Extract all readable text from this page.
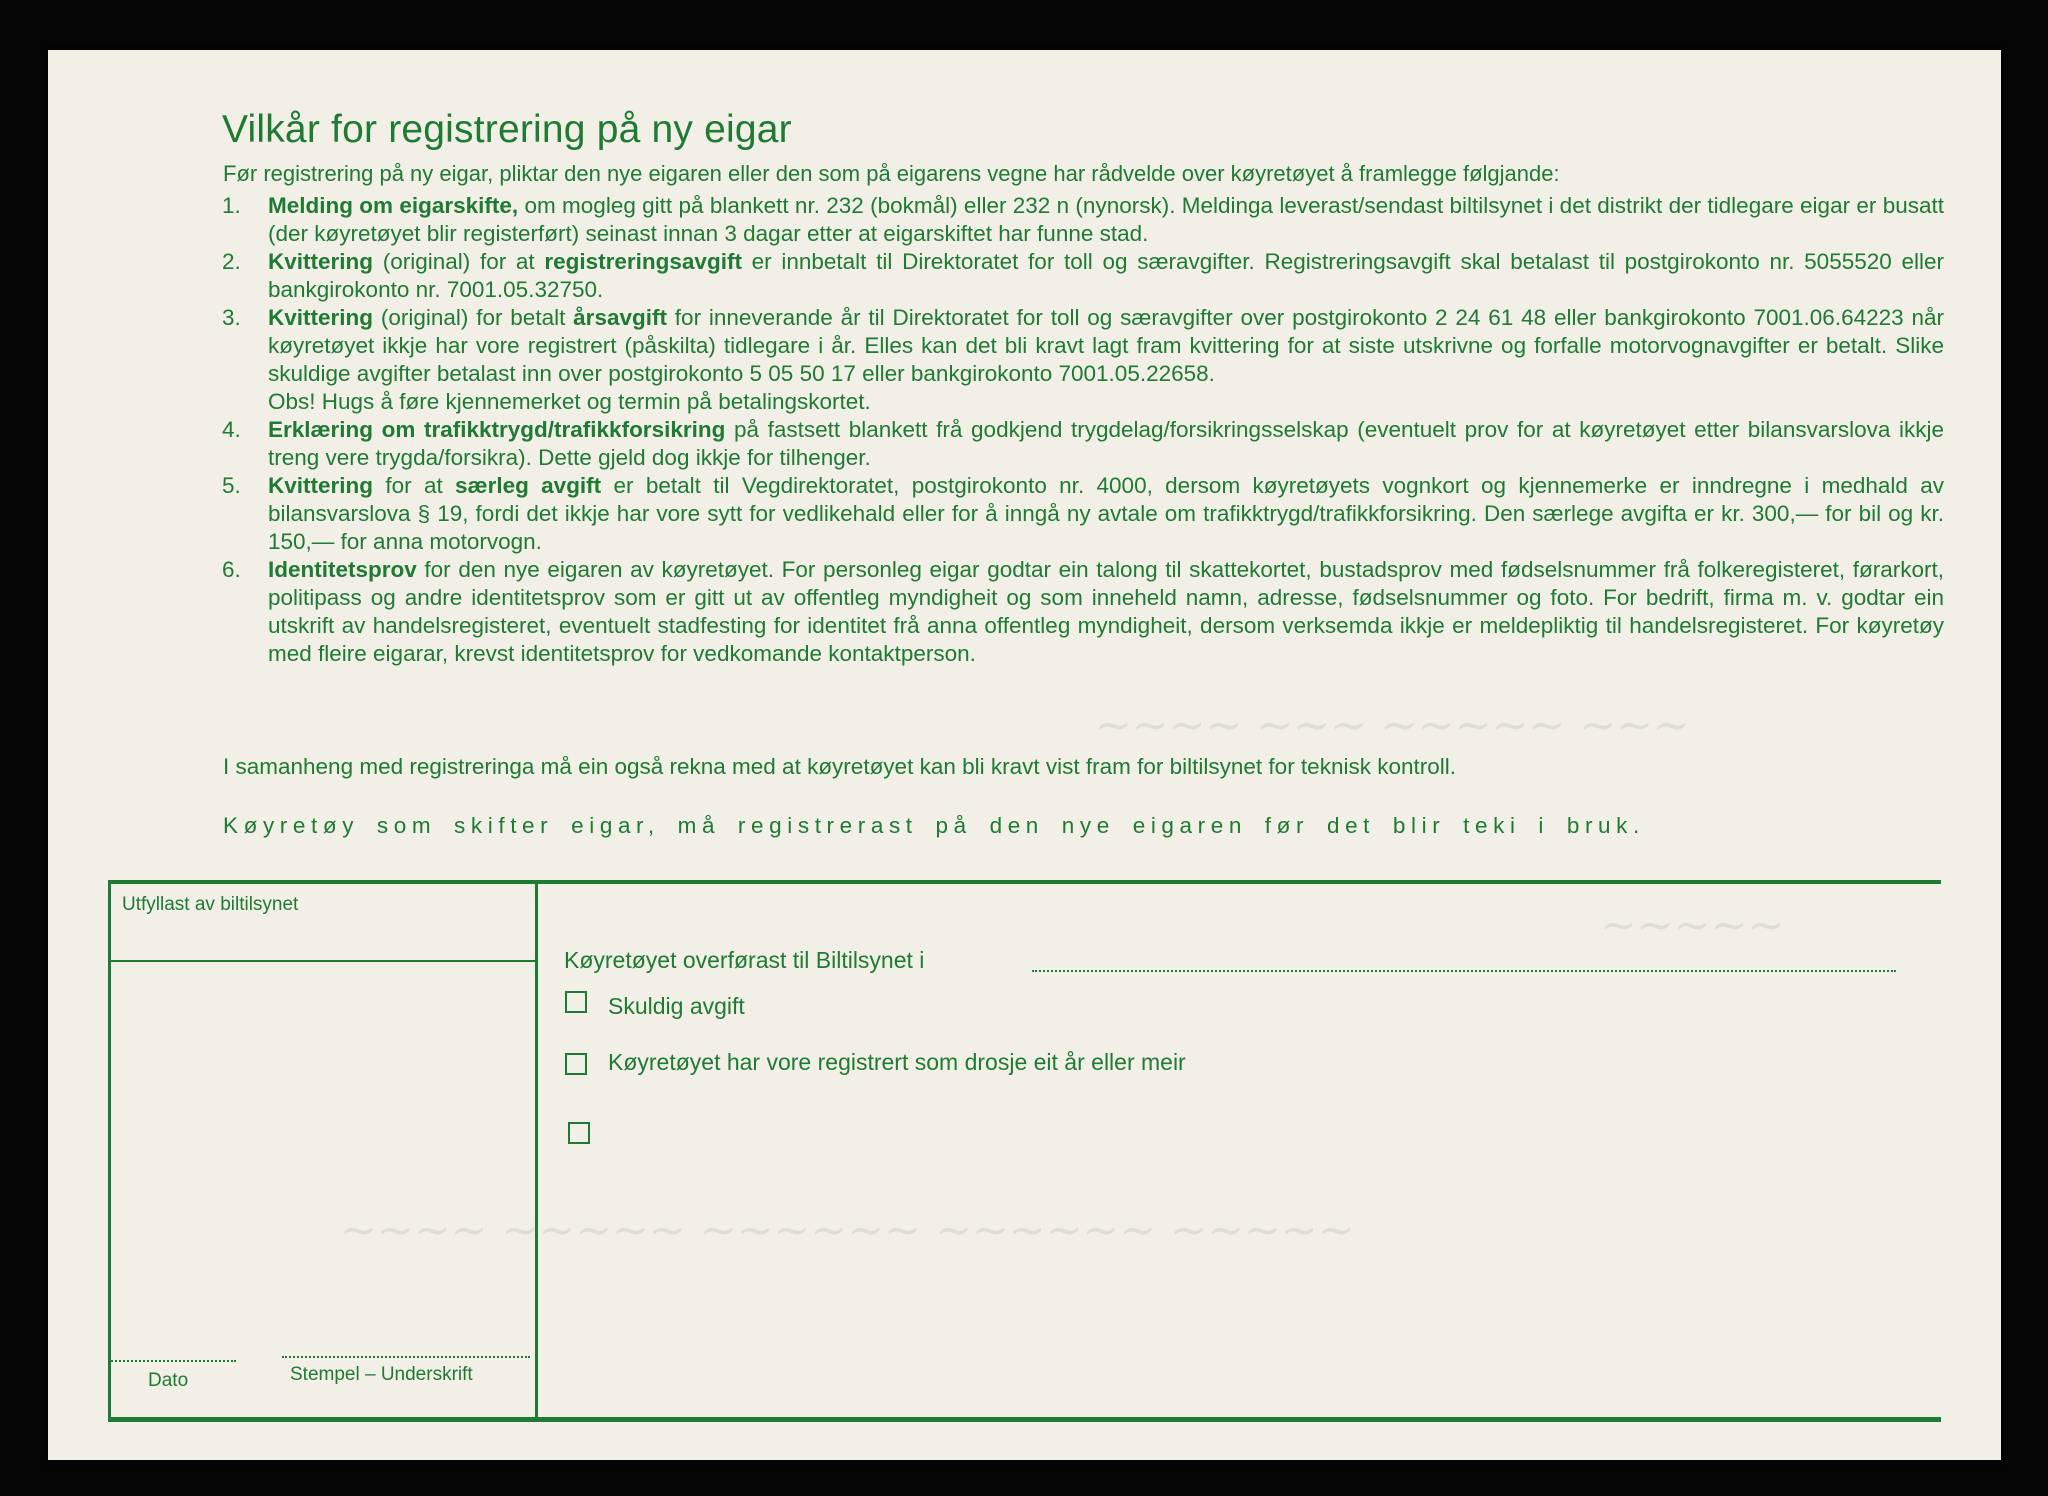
Vilkår for registrering på ny eigar
Før registrering på ny eigar, pliktar den nye eigaren eller den som på eigarens vegne har rådvelde over køyretøyet å framlegge følgjande:
1.	Melding om eigarskifte, om mogleg gitt på blankett nr. 232 (bokmål) eller 232 n (nynorsk). Meldinga leverast/sendast biltilsynet i det distrikt der tidlegare eigar er busatt (der køyretøyet blir registerført) seinast innan 3 dagar etter at eigarskiftet har funne stad.
2.	Kvittering (original) for at registreringsavgift er innbetalt til Direktoratet for toll og særavgifter. Registreringsavgift skal betalast til postgirokonto nr. 5055520 eller bankgirokonto nr. 7001.05.32750.
3.	Kvittering (original) for betalt årsavgift for inneverande år til Direktoratet for toll og særavgifter over postgirokonto 2 24 61 48 eller bankgirokonto 7001.06.64223 når køyretøyet ikkje har vore registrert (påskilta) tidlegare i år. Elles kan det bli kravt lagt fram kvittering for at siste utskrivne og forfalle motorvognavgifter er betalt. Slike skuldige avgifter betalast inn over postgirokonto 5 05 50 17 eller bankgirokonto 7001.05.22658.
Obs! Hugs å føre kjennemerket og termin på betalingskortet.
4.	Erklæring om trafikktrygd/trafikkforsikring på fastsett blankett frå godkjend trygdelag/forsikringsselskap (eventuelt prov for at køyretøyet etter bilansvarslova ikkje treng vere trygda/forsikra). Dette gjeld dog ikkje for tilhenger.
5.	Kvittering for at særleg avgift er betalt til Vegdirektoratet, postgirokonto nr. 4000, dersom køyretøyets vognkort og kjennemerke er inndregne i medhald av bilansvarslova § 19, fordi det ikkje har vore sytt for vedlikehald eller for å inngå ny avtale om trafikktrygd/trafikkforsikring. Den særlege avgifta er kr. 300,— for bil og kr. 150,— for anna motorvogn.
6.	Identitetsprov for den nye eigaren av køyretøyet. For personleg eigar godtar ein talong til skattekortet, bustadsprov med fødselsnummer frå folkeregisteret, førarkort, politipass og andre identitetsprov som er gitt ut av offentleg myndigheit og som inneheld namn, adresse, fødselsnummer og foto. For bedrift, firma m. v. godtar ein utskrift av handelsregisteret, eventuelt stadfesting for identitet frå anna offentleg myndigheit, dersom verksemda ikkje er meldepliktig til handelsregisteret. For køyretøy med fleire eigarar, krevst identitetsprov for vedkomande kontaktperson.
I samanheng med registreringa må ein også rekna med at køyretøyet kan bli kravt vist fram for biltilsynet for teknisk kontroll.
Køyretøy som skifter eigar, må registrerast på den nye eigaren før det blir teki i bruk.
Utfyllast av biltilsynet
Køyretøyet overførast til Biltilsynet i
Skuldig avgift
Køyretøyet har vore registrert som drosje eit år eller meir
Dato	Stempel – Underskrift
